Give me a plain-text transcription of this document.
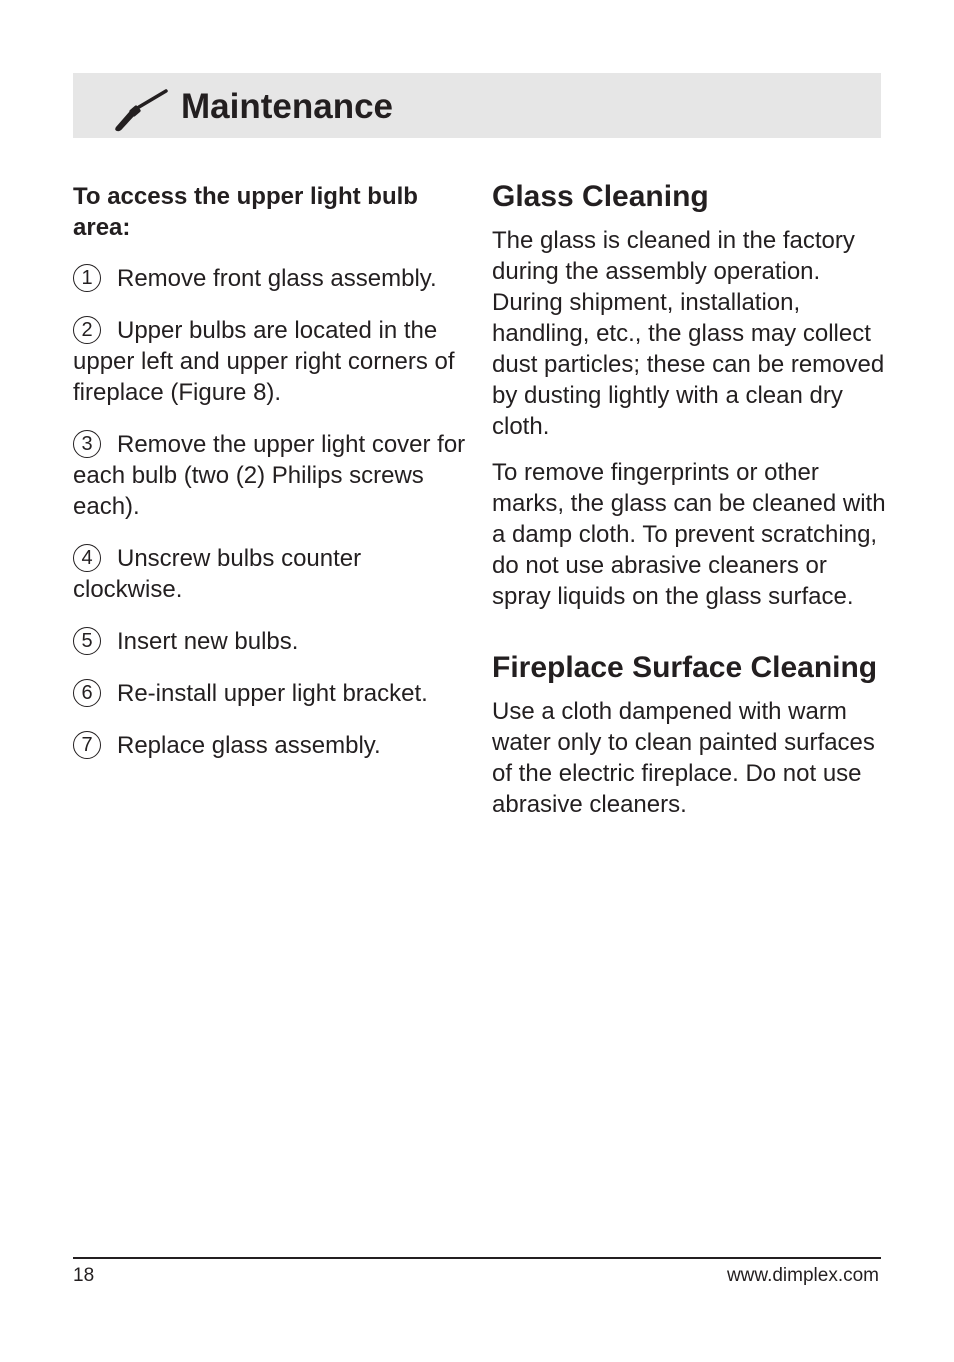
Maintenance
To access the upper light bulb area:
1 Remove front glass assembly.
2 Upper bulbs are located in the upper left and upper right corners of fireplace (Figure 8).
3 Remove the upper light cover for each bulb (two (2) Philips screws each).
4 Unscrew bulbs counter clockwise.
5 Insert new bulbs.
6 Re-install upper light bracket.
7 Replace glass assembly.
Glass Cleaning

The glass is cleaned in the factory during the assembly operation. During shipment, installation, handling, etc., the glass may collect dust particles; these can be removed by dusting lightly with a clean dry cloth.

To remove fingerprints or other marks, the glass can be cleaned with a damp cloth. To prevent scratching, do not use abrasive cleaners or spray liquids on the glass surface.

Fireplace Surface Cleaning

Use a cloth dampened with warm water only to clean painted surfaces of the electric fireplace. Do not use abrasive cleaners.

18	www.dimplex.com
